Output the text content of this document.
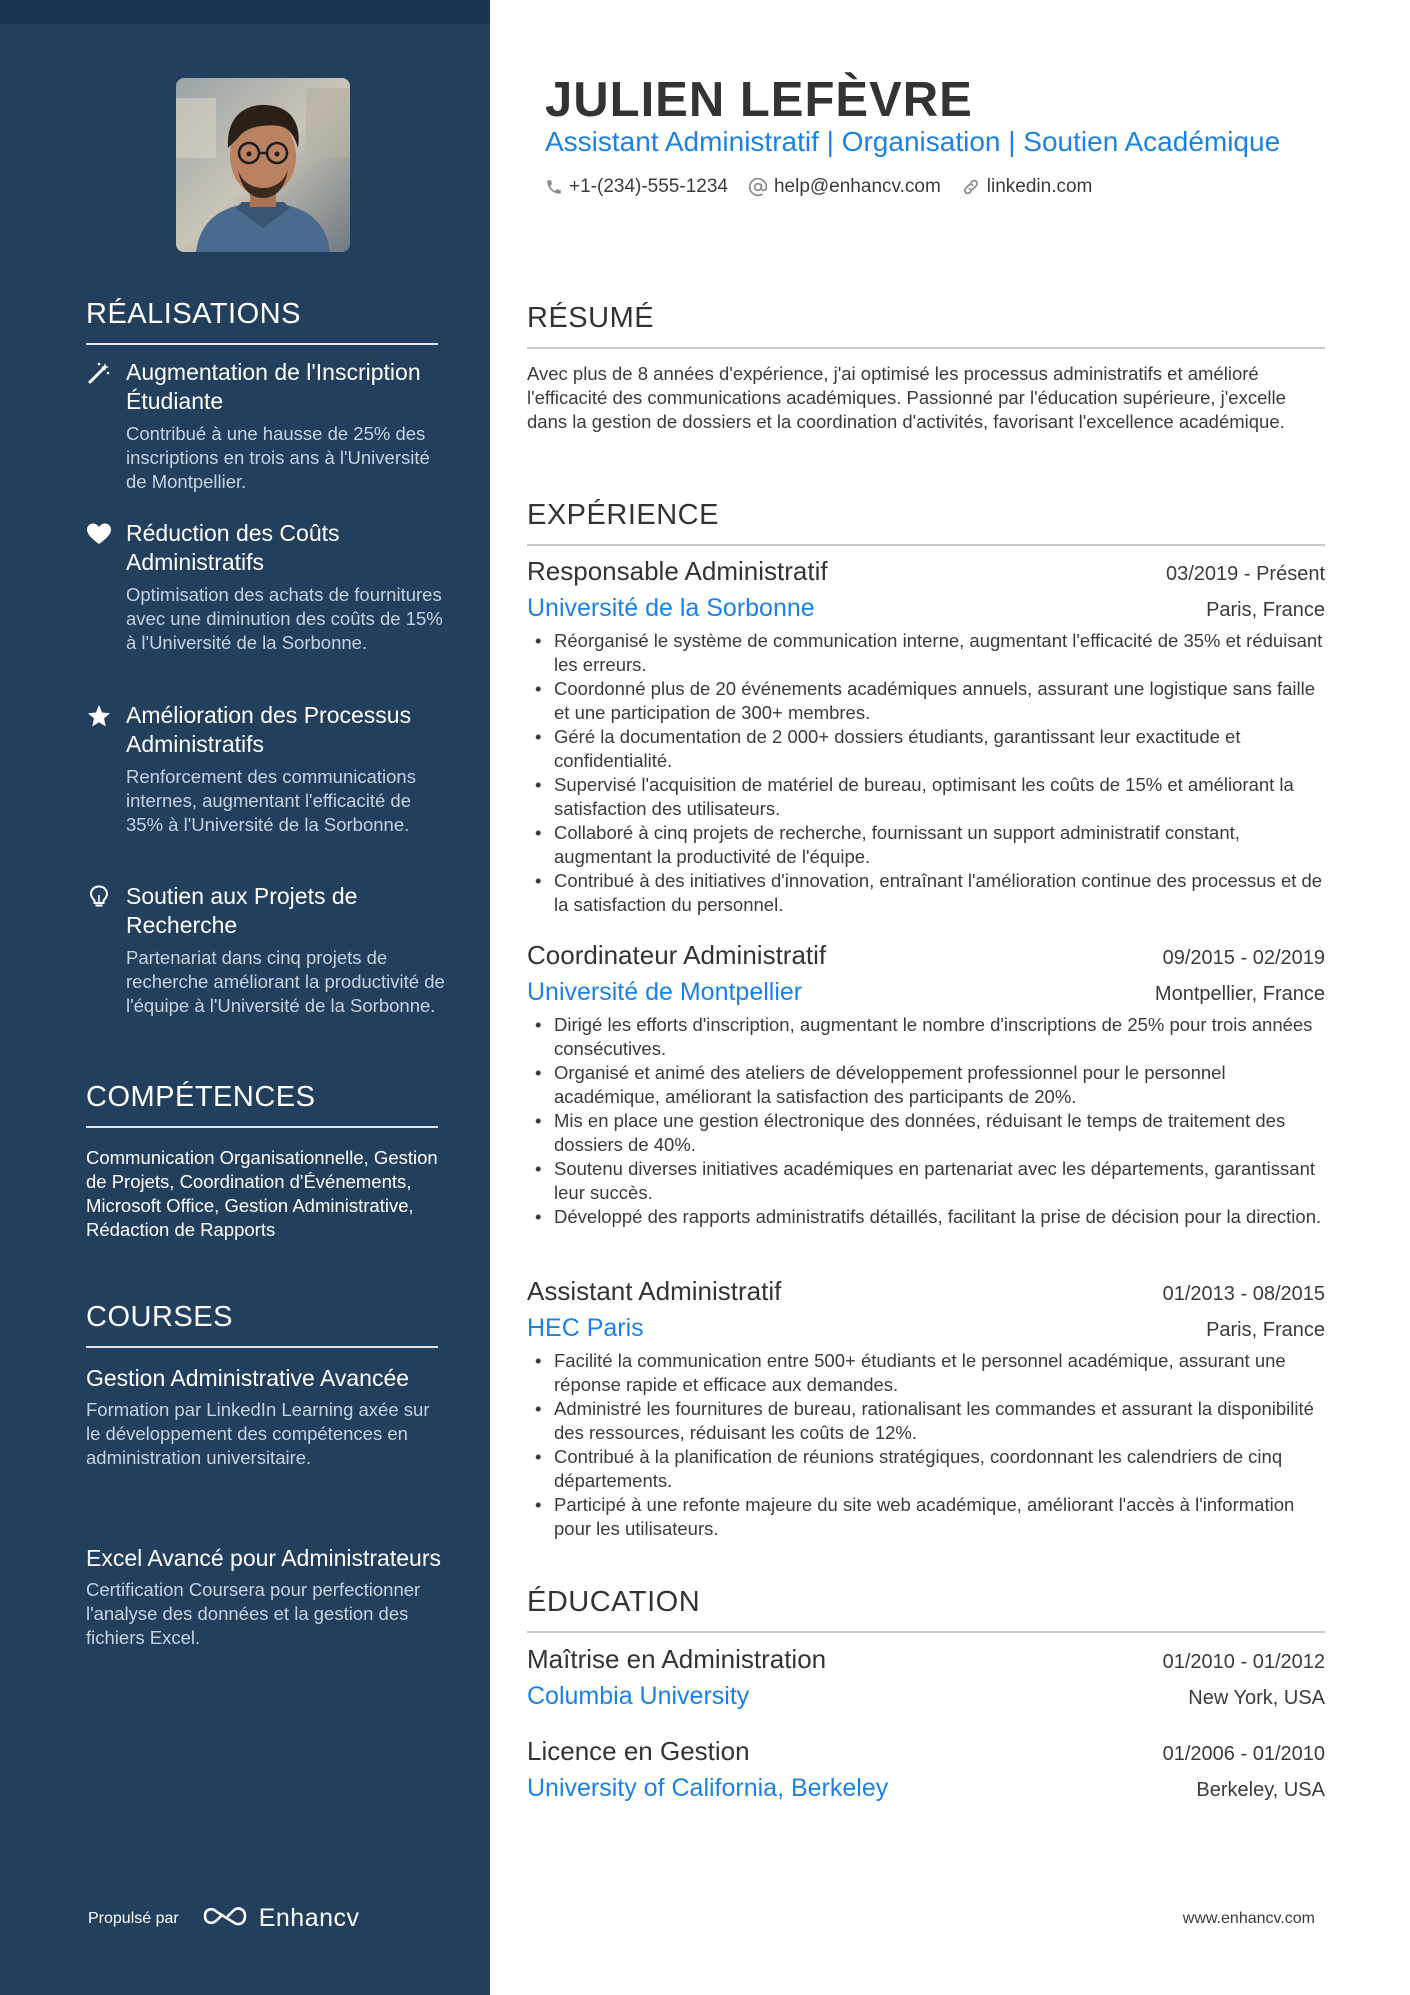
RÉALISATIONS
Augmentation de l'Inscription Étudiante
Contribué à une hausse de 25% des inscriptions en trois ans à l'Université de Montpellier.
Réduction des Coûts Administratifs
Optimisation des achats de fournitures avec une diminution des coûts de 15% à l'Université de la Sorbonne.
Amélioration des Processus Administratifs
Renforcement des communications internes, augmentant l'efficacité de 35% à l'Université de la Sorbonne.
Soutien aux Projets de Recherche
Partenariat dans cinq projets de recherche améliorant la productivité de l'équipe à l'Université de la Sorbonne.
COMPÉTENCES
Communication Organisationnelle, Gestion de Projets, Coordination d'Événements, Microsoft Office, Gestion Administrative, Rédaction de Rapports
COURSES
Gestion Administrative Avancée
Formation par LinkedIn Learning axée sur le développement des compétences en administration universitaire.
Excel Avancé pour Administrateurs
Certification Coursera pour perfectionner l'analyse des données et la gestion des fichiers Excel.
Propulsé par	Enhancv
JULIEN LEFÈVRE
Assistant Administratif | Organisation | Soutien Académique
+1-(234)-555-1234 help@enhancv.com linkedin.com
RÉSUMÉ
Avec plus de 8 années d'expérience, j'ai optimisé les processus administratifs et amélioré l'efficacité des communications académiques. Passionné par l'éducation supérieure, j'excelle dans la gestion de dossiers et la coordination d'activités, favorisant l'excellence académique.
EXPÉRIENCE
Responsable Administratif	03/2019 - Présent
Université de la Sorbonne	Paris, France
• Réorganisé le système de communication interne, augmentant l'efficacité de 35% et réduisant les erreurs.
• Coordonné plus de 20 événements académiques annuels, assurant une logistique sans faille et une participation de 300+ membres.
• Géré la documentation de 2 000+ dossiers étudiants, garantissant leur exactitude et confidentialité.
• Supervisé l'acquisition de matériel de bureau, optimisant les coûts de 15% et améliorant la satisfaction des utilisateurs.
• Collaboré à cinq projets de recherche, fournissant un support administratif constant, augmentant la productivité de l'équipe.
• Contribué à des initiatives d'innovation, entraînant l'amélioration continue des processus et de la satisfaction du personnel.
Coordinateur Administratif	09/2015 - 02/2019
Université de Montpellier	Montpellier, France
• Dirigé les efforts d'inscription, augmentant le nombre d'inscriptions de 25% pour trois années consécutives.
• Organisé et animé des ateliers de développement professionnel pour le personnel académique, améliorant la satisfaction des participants de 20%.
• Mis en place une gestion électronique des données, réduisant le temps de traitement des dossiers de 40%.
• Soutenu diverses initiatives académiques en partenariat avec les départements, garantissant leur succès.
• Développé des rapports administratifs détaillés, facilitant la prise de décision pour la direction.
Assistant Administratif	01/2013 - 08/2015
HEC Paris	Paris, France
• Facilité la communication entre 500+ étudiants et le personnel académique, assurant une réponse rapide et efficace aux demandes.
• Administré les fournitures de bureau, rationalisant les commandes et assurant la disponibilité des ressources, réduisant les coûts de 12%.
• Contribué à la planification de réunions stratégiques, coordonnant les calendriers de cinq départements.
• Participé à une refonte majeure du site web académique, améliorant l'accès à l'information pour les utilisateurs.
ÉDUCATION
Maîtrise en Administration	01/2010 - 01/2012
Columbia University	New York, USA
Licence en Gestion	01/2006 - 01/2010
University of California, Berkeley	Berkeley, USA
www.enhancv.com
